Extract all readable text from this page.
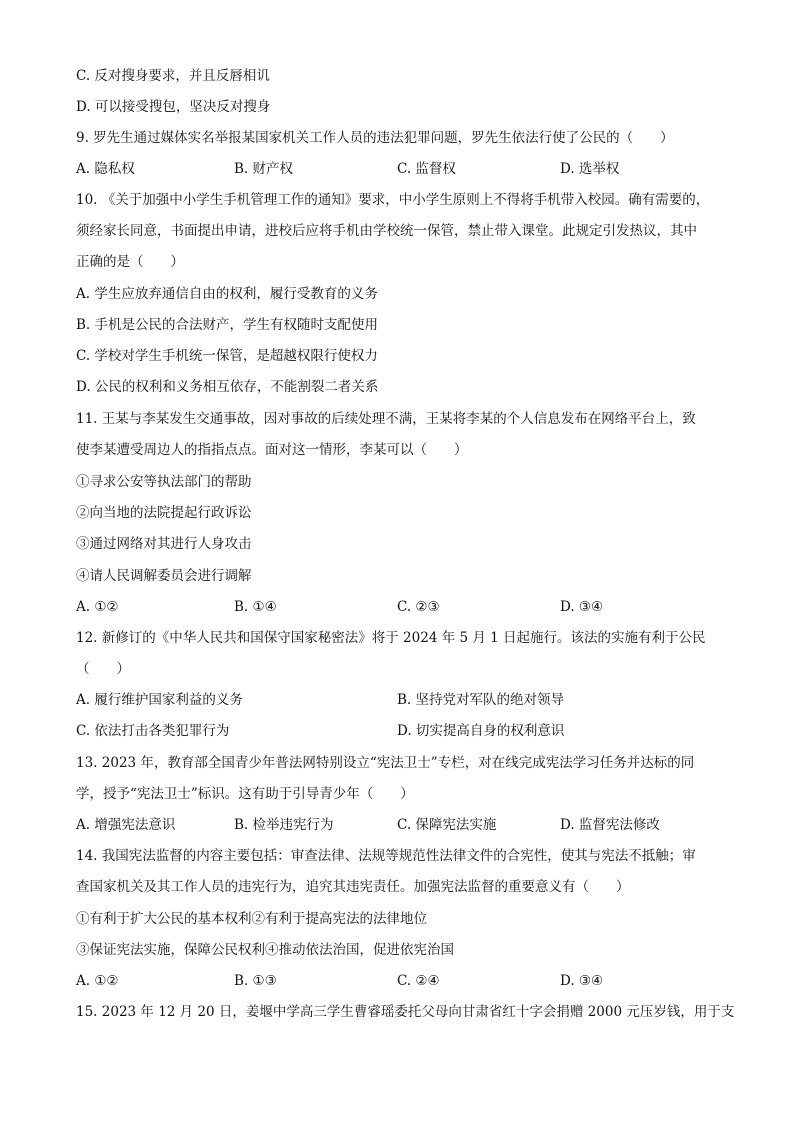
C. 反对搜身要求，并且反唇相讥
D. 可以接受搜包，坚决反对搜身
9. 罗先生通过媒体实名举报某国家机关工作人员的违法犯罪问题，罗先生依法行使了公民的（　　）
A. 隐私权	B. 财产权	C. 监督权	D. 选举权
10. 《关于加强中小学生手机管理工作的通知》要求，中小学生原则上不得将手机带入校园。确有需要的，
须经家长同意，书面提出申请，进校后应将手机由学校统一保管，禁止带入课堂。此规定引发热议，其中
正确的是（　　）
A. 学生应放弃通信自由的权利，履行受教育的义务
B. 手机是公民的合法财产，学生有权随时支配使用
C. 学校对学生手机统一保管，是超越权限行使权力
D. 公民的权利和义务相互依存，不能割裂二者关系
11. 王某与李某发生交通事故，因对事故的后续处理不满，王某将李某的个人信息发布在网络平台上，致
使李某遭受周边人的指指点点。面对这一情形，李某可以（　　）
①寻求公安等执法部门的帮助
②向当地的法院提起行政诉讼
③通过网络对其进行人身攻击
④请人民调解委员会进行调解
A. ①②	B. ①④	C. ②③	D. ③④
12. 新修订的《中华人民共和国保守国家秘密法》将于 2024 年 5 月 1 日起施行。该法的实施有利于公民
（　　）
A. 履行维护国家利益的义务	B. 坚持党对军队的绝对领导
C. 依法打击各类犯罪行为	D. 切实提高自身的权利意识
13. 2023 年，教育部全国青少年普法网特别设立“宪法卫士”专栏，对在线完成宪法学习任务并达标的同
学，授予“宪法卫士”标识。这有助于引导青少年（　　）
A. 增强宪法意识	B. 检举违宪行为	C. 保障宪法实施	D. 监督宪法修改
14. 我国宪法监督的内容主要包括：审查法律、法规等规范性法律文件的合宪性，使其与宪法不抵触；审
查国家机关及其工作人员的违宪行为，追究其违宪责任。加强宪法监督的重要意义有（　　）
①有利于扩大公民的基本权利②有利于提高宪法的法律地位
③保证宪法实施，保障公民权利④推动依法治国，促进依宪治国
A. ①②	B. ①③	C. ②④	D. ③④
15. 2023 年 12 月 20 日，姜堰中学高三学生曹睿瑶委托父母向甘肃省红十字会捐赠 2000 元压岁钱，用于支
